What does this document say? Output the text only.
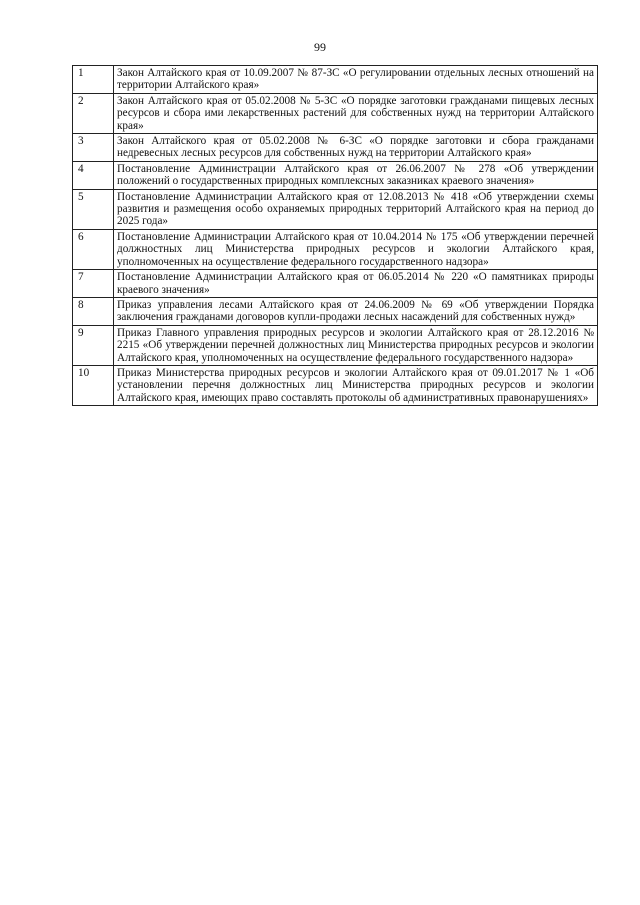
99
1	Закон Алтайского края от 10.09.2007 № 87-ЗС «О регулировании отдельных лесных отношений на территории Алтайского края»
2	Закон Алтайского края от 05.02.2008 № 5-ЗС «О порядке заготовки гражданами пищевых лесных ресурсов и сбора ими лекарственных растений для собственных нужд на территории Алтайского края»
3	Закон Алтайского края от 05.02.2008 № 6-ЗС «О порядке заготовки и сбора гражданами недревесных лесных ресурсов для собственных нужд на территории Алтайского края»
4	Постановление Администрации Алтайского края от 26.06.2007 № 278 «Об утверждении положений о государственных природных комплексных заказниках краевого значения»
5	Постановление Администрации Алтайского края от 12.08.2013 № 418 «Об утверждении схемы развития и размещения особо охраняемых природных территорий Алтайского края на период до 2025 года»
6	Постановление Администрации Алтайского края от 10.04.2014 № 175 «Об утверждении перечней должностных лиц Министерства природных ресурсов и экологии Алтайского края, уполномоченных на осуществление федерального государственного надзора»
7	Постановление Администрации Алтайского края от 06.05.2014 № 220 «О памятниках природы краевого значения»
8	Приказ управления лесами Алтайского края от 24.06.2009 № 69 «Об утверждении Порядка заключения гражданами договоров купли-продажи лесных насаждений для собственных нужд»
9	Приказ Главного управления природных ресурсов и экологии Алтайского края от 28.12.2016 № 2215 «Об утверждении перечней должностных лиц Министерства природных ресурсов и экологии Алтайского края, уполномоченных на осуществление федерального государственного надзора»
10	Приказ Министерства природных ресурсов и экологии Алтайского края от 09.01.2017 № 1 «Об установлении перечня должностных лиц Министерства природных ресурсов и экологии Алтайского края, имеющих право составлять протоколы об административных правонарушениях»
